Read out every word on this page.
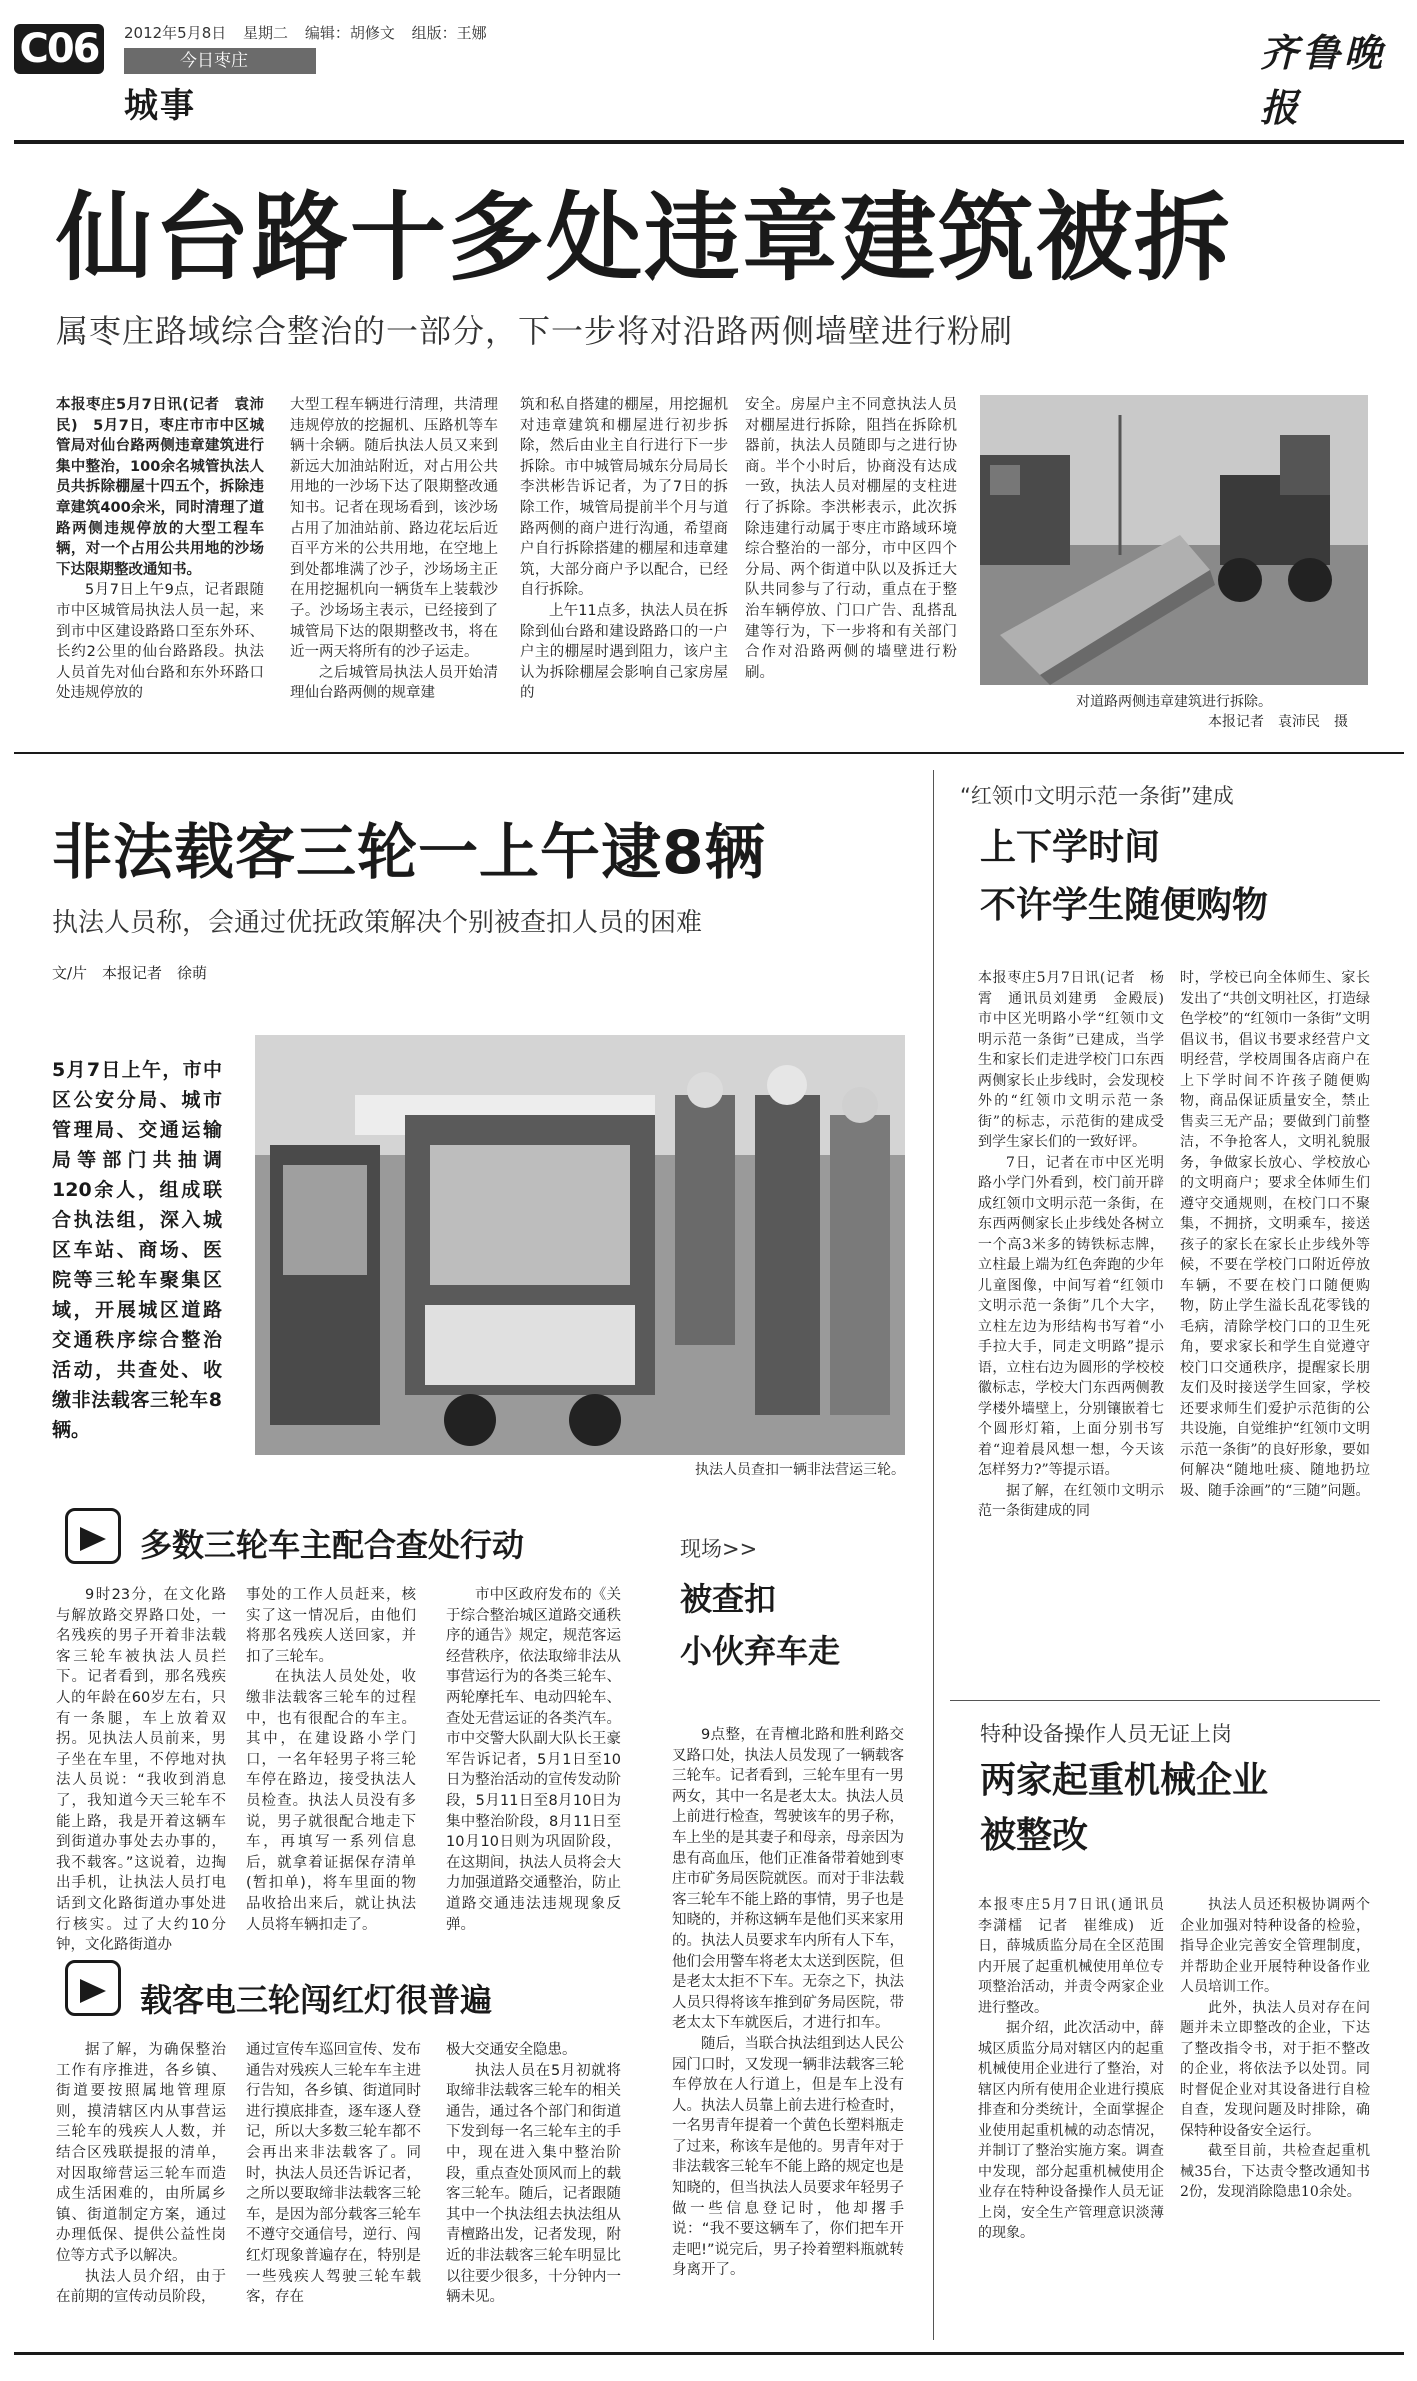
C06	2012年5月8日 星期二 编辑：胡修文 组版：王娜
今日枣庄
城事
齐鲁晚报
仙台路十多处违章建筑被拆
属枣庄路域综合整治的一部分，下一步将对沿路两侧墙壁进行粉刷

本报枣庄5月7日讯(记者　袁沛民)　5月7日，枣庄市市中区城管局对仙台路两侧违章建筑进行集中整治，100余名城管执法人员共拆除棚屋十四五个，拆除违章建筑400余米，同时清理了道路两侧违规停放的大型工程车辆，对一个占用公共用地的沙场下达限期整改通知书。

5月7日上午9点，记者跟随市中区城管局执法人员一起，来到市中区建设路路口至东外环、长约2公里的仙台路路段。执法人员首先对仙台路和东外环路口处违规停放的

大型工程车辆进行清理，共清理违规停放的挖掘机、压路机等车辆十余辆。随后执法人员又来到新远大加油站附近，对占用公共用地的一沙场下达了限期整改通知书。记者在现场看到，该沙场占用了加油站前、路边花坛后近百平方米的公共用地，在空地上到处都堆满了沙子，沙场场主正在用挖掘机向一辆货车上装载沙子。沙场场主表示，已经接到了城管局下达的限期整改书，将在近一两天将所有的沙子运走。

之后城管局执法人员开始清理仙台路两侧的规章建

筑和私自搭建的棚屋，用挖掘机对违章建筑和棚屋进行初步拆除，然后由业主自行进行下一步拆除。市中城管局城东分局局长李洪彬告诉记者，为了7日的拆除工作，城管局提前半个月与道路两侧的商户进行沟通，希望商户自行拆除搭建的棚屋和违章建筑，大部分商户予以配合，已经自行拆除。

上午11点多，执法人员在拆除到仙台路和建设路路口的一户户主的棚屋时遇到阻力，该户主认为拆除棚屋会影响自己家房屋的

安全。房屋户主不同意执法人员对棚屋进行拆除，阻挡在拆除机器前，执法人员随即与之进行协商。半个小时后，协商没有达成一致，执法人员对棚屋的支柱进行了拆除。李洪彬表示，此次拆除违建行动属于枣庄市路域环境综合整治的一部分，市中区四个分局、两个街道中队以及拆迁大队共同参与了行动，重点在于整治车辆停放、门口广告、乱搭乱建等行为，下一步将和有关部门合作对沿路两侧的墙壁进行粉刷。

对道路两侧违章建筑进行拆除。
本报记者　袁沛民　摄
非法载客三轮一上午逮8辆
执法人员称，会通过优抚政策解决个别被查扣人员的困难
文/片　本报记者　徐萌
5月7日上午，市中区公安分局、城市管理局、交通运输局等部门共抽调120余人，组成联合执法组，深入城区车站、商场、医院等三轮车聚集区域，开展城区道路交通秩序综合整治活动，共查处、收缴非法载客三轮车8辆。
执法人员查扣一辆非法营运三轮。
多数三轮车主配合查处行动

9时23分，在文化路与解放路交界路口处，一名残疾的男子开着非法载客三轮车被执法人员拦下。记者看到，那名残疾人的年龄在60岁左右，只有一条腿，车上放着双拐。见执法人员前来，男子坐在车里，不停地对执法人员说：“我收到消息了，我知道今天三轮车不能上路，我是开着这辆车到街道办事处去办事的，我不载客。”这说着，边掏出手机，让执法人员打电话到文化路街道办事处进行核实。过了大约10分钟，文化路街道办

事处的工作人员赶来，核实了这一情况后，由他们将那名残疾人送回家，并扣了三轮车。

在执法人员处处，收缴非法载客三轮车的过程中，也有很配合的车主。其中，在建设路小学门口，一名年轻男子将三轮车停在路边，接受执法人员检查。执法人员没有多说，男子就很配合地走下车，再填写一系列信息后，就拿着证据保存清单(暂扣单)，将车里面的物品收拾出来后，就让执法人员将车辆扣走了。

市中区政府发布的《关于综合整治城区道路交通秩序的通告》规定，规范客运经营秩序，依法取缔非法从事营运行为的各类三轮车、两轮摩托车、电动四轮车、查处无营运证的各类汽车。市中交警大队副大队长王豪军告诉记者，5月1日至10日为整治活动的宣传发动阶段，5月11日至8月10日为集中整治阶段，8月11日至10月10日则为巩固阶段，在这期间，执法人员将会大力加强道路交通整治，防止道路交通违法违规现象反弹。

载客电三轮闯红灯很普遍

据了解，为确保整治工作有序推进，各乡镇、街道要按照属地管理原则，摸清辖区内从事营运三轮车的残疾人人数，并结合区残联提报的清单，对因取缔营运三轮车而造成生活困难的，由所属乡镇、街道制定方案，通过办理低保、提供公益性岗位等方式予以解决。

执法人员介绍，由于在前期的宣传动员阶段，

通过宣传车巡回宣传、发布通告对残疾人三轮车车主进行告知，各乡镇、街道同时进行摸底排查，逐车逐人登记，所以大多数三轮车都不会再出来非法载客了。同时，执法人员还告诉记者，之所以要取缔非法载客三轮车，是因为部分载客三轮车不遵守交通信号，逆行、闯红灯现象普遍存在，特别是一些残疾人驾驶三轮车载客，存在

极大交通安全隐患。

执法人员在5月初就将取缔非法载客三轮车的相关通告，通过各个部门和街道下发到每一名三轮车主的手中，现在进入集中整治阶段，重点查处顶风而上的载客三轮车。随后，记者跟随其中一个执法组去执法组从青檀路出发，记者发现，附近的非法载客三轮车明显比以往要少很多，十分钟内一辆未见。

现场>>
被查扣
小伙弃车走

9点整，在青檀北路和胜利路交叉路口处，执法人员发现了一辆载客三轮车。记者看到，三轮车里有一男两女，其中一名是老太太。执法人员上前进行检查，驾驶该车的男子称，车上坐的是其妻子和母亲，母亲因为患有高血压，他们正准备带着她到枣庄市矿务局医院就医。而对于非法载客三轮车不能上路的事情，男子也是知晓的，并称这辆车是他们买来家用的。执法人员要求车内所有人下车，他们会用警车将老太太送到医院，但是老太太拒不下车。无奈之下，执法人员只得将该车推到矿务局医院，带老太太下车就医后，才进行扣车。

随后，当联合执法组到达人民公园门口时，又发现一辆非法载客三轮车停放在人行道上，但是车上没有人。执法人员靠上前去进行检查时，一名男青年提着一个黄色长塑料瓶走了过来，称该车是他的。男青年对于非法载客三轮车不能上路的规定也是知晓的，但当执法人员要求年轻男子做一些信息登记时，他却撂手说：“我不要这辆车了，你们把车开走吧!”说完后，男子拎着塑料瓶就转身离开了。

“红领巾文明示范一条街”建成
上下学时间
不许学生随便购物

本报枣庄5月7日讯(记者　杨霄　通讯员刘建勇　金殿辰)　市中区光明路小学“红领巾文明示范一条街”已建成，当学生和家长们走进学校门口东西两侧家长止步线时，会发现校外的“红领巾文明示范一条街”的标志，示范街的建成受到学生家长们的一致好评。

7日，记者在市中区光明路小学门外看到，校门前开辟成红领巾文明示范一条街，在东西两侧家长止步线处各树立一个高3米多的铸铁标志牌，立柱最上端为红色奔跑的少年儿童图像，中间写着“红领巾文明示范一条街”几个大字，立柱左边为形结构书写着“小手拉大手，同走文明路”提示语，立柱右边为圆形的学校校徽标志，学校大门东西两侧教学楼外墙壁上，分别镶嵌着七个圆形灯箱，上面分别书写着“迎着晨风想一想，今天该怎样努力?”等提示语。

据了解，在红领巾文明示范一条街建成的同

时，学校已向全体师生、家长发出了“共创文明社区，打造绿色学校”的“红领巾一条街”文明倡议书，倡议书要求经营户文明经营，学校周围各店商户在上下学时间不许孩子随便购物，商品保证质量安全，禁止售卖三无产品；要做到门前整洁，不争抢客人，文明礼貌服务，争做家长放心、学校放心的文明商户；要求全体师生们遵守交通规则，在校门口不聚集，不拥挤，文明乘车，接送孩子的家长在家长止步线外等候，不要在学校门口附近停放车辆，不要在校门口随便购物，防止学生溢长乱花零钱的毛病，清除学校门口的卫生死角，要求家长和学生自觉遵守校门口交通秩序，提醒家长朋友们及时接送学生回家，学校还要求师生们爱护示范街的公共设施，自觉维护“红领巾文明示范一条街”的良好形象，要如何解决“随地吐痰、随地扔垃圾、随手涂画”的“三随”问题。

特种设备操作人员无证上岗
两家起重机械企业
被整改

本报枣庄5月7日讯(通讯员　李潇檑　记者　崔维成)　近日，薛城质监分局在全区范围内开展了起重机械使用单位专项整治活动，并责令两家企业进行整改。

据介绍，此次活动中，薛城区质监分局对辖区内的起重机械使用企业进行了整治，对辖区内所有使用企业进行摸底排查和分类统计，全面掌握企业使用起重机械的动态情况，并制订了整治实施方案。调查中发现，部分起重机械使用企业存在特种设备操作人员无证上岗，安全生产管理意识淡薄的现象。

执法人员还积极协调两个企业加强对特种设备的检验，指导企业完善安全管理制度，并帮助企业开展特种设备作业人员培训工作。

此外，执法人员对存在问题并未立即整改的企业，下达了整改指令书，对于拒不整改的企业，将依法予以处罚。同时督促企业对其设备进行自检自查，发现问题及时排除，确保特种设备安全运行。

截至目前，共检查起重机械35台，下达责令整改通知书2份，发现消除隐患10余处。
